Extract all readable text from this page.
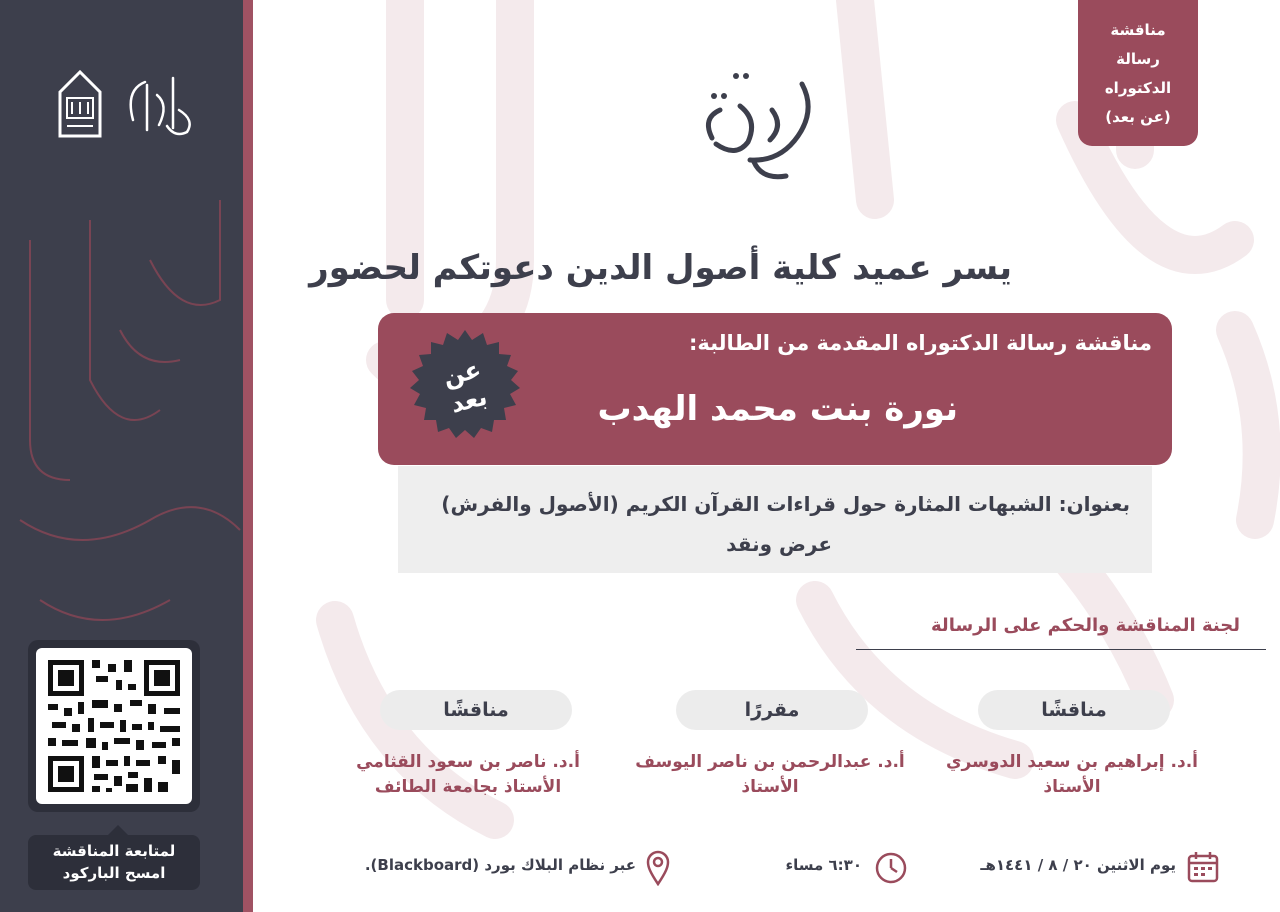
لمتابعة المناقشة
امسح الباركود
مناقشة
رسالة
الدكتوراه
(عن بعد)
دعوة
يسر عميد كلية أصول الدين دعوتكم لحضور
مناقشة رسالة الدكتوراه المقدمة من الطالبة:
نورة بنت محمد الهدب
عن
بعد
بعنوان: الشبهات المثارة حول قراءات القرآن الكريم (الأصول والفرش)
عرض ونقد
لجنة المناقشة والحكم على الرسالة
مناقشًا
مقررًا
مناقشًا
أ.د. إبراهيم بن سعيد الدوسري
الأستاذ
أ.د. عبدالرحمن بن ناصر اليوسف
الأستاذ
أ.د. ناصر بن سعود القثامي
الأستاذ بجامعة الطائف
يوم الاثنين ٢٠ / ٨ / ١٤٤١هـ
٦:٣٠ مساء
عبر نظام البلاك بورد (Blackboard).
